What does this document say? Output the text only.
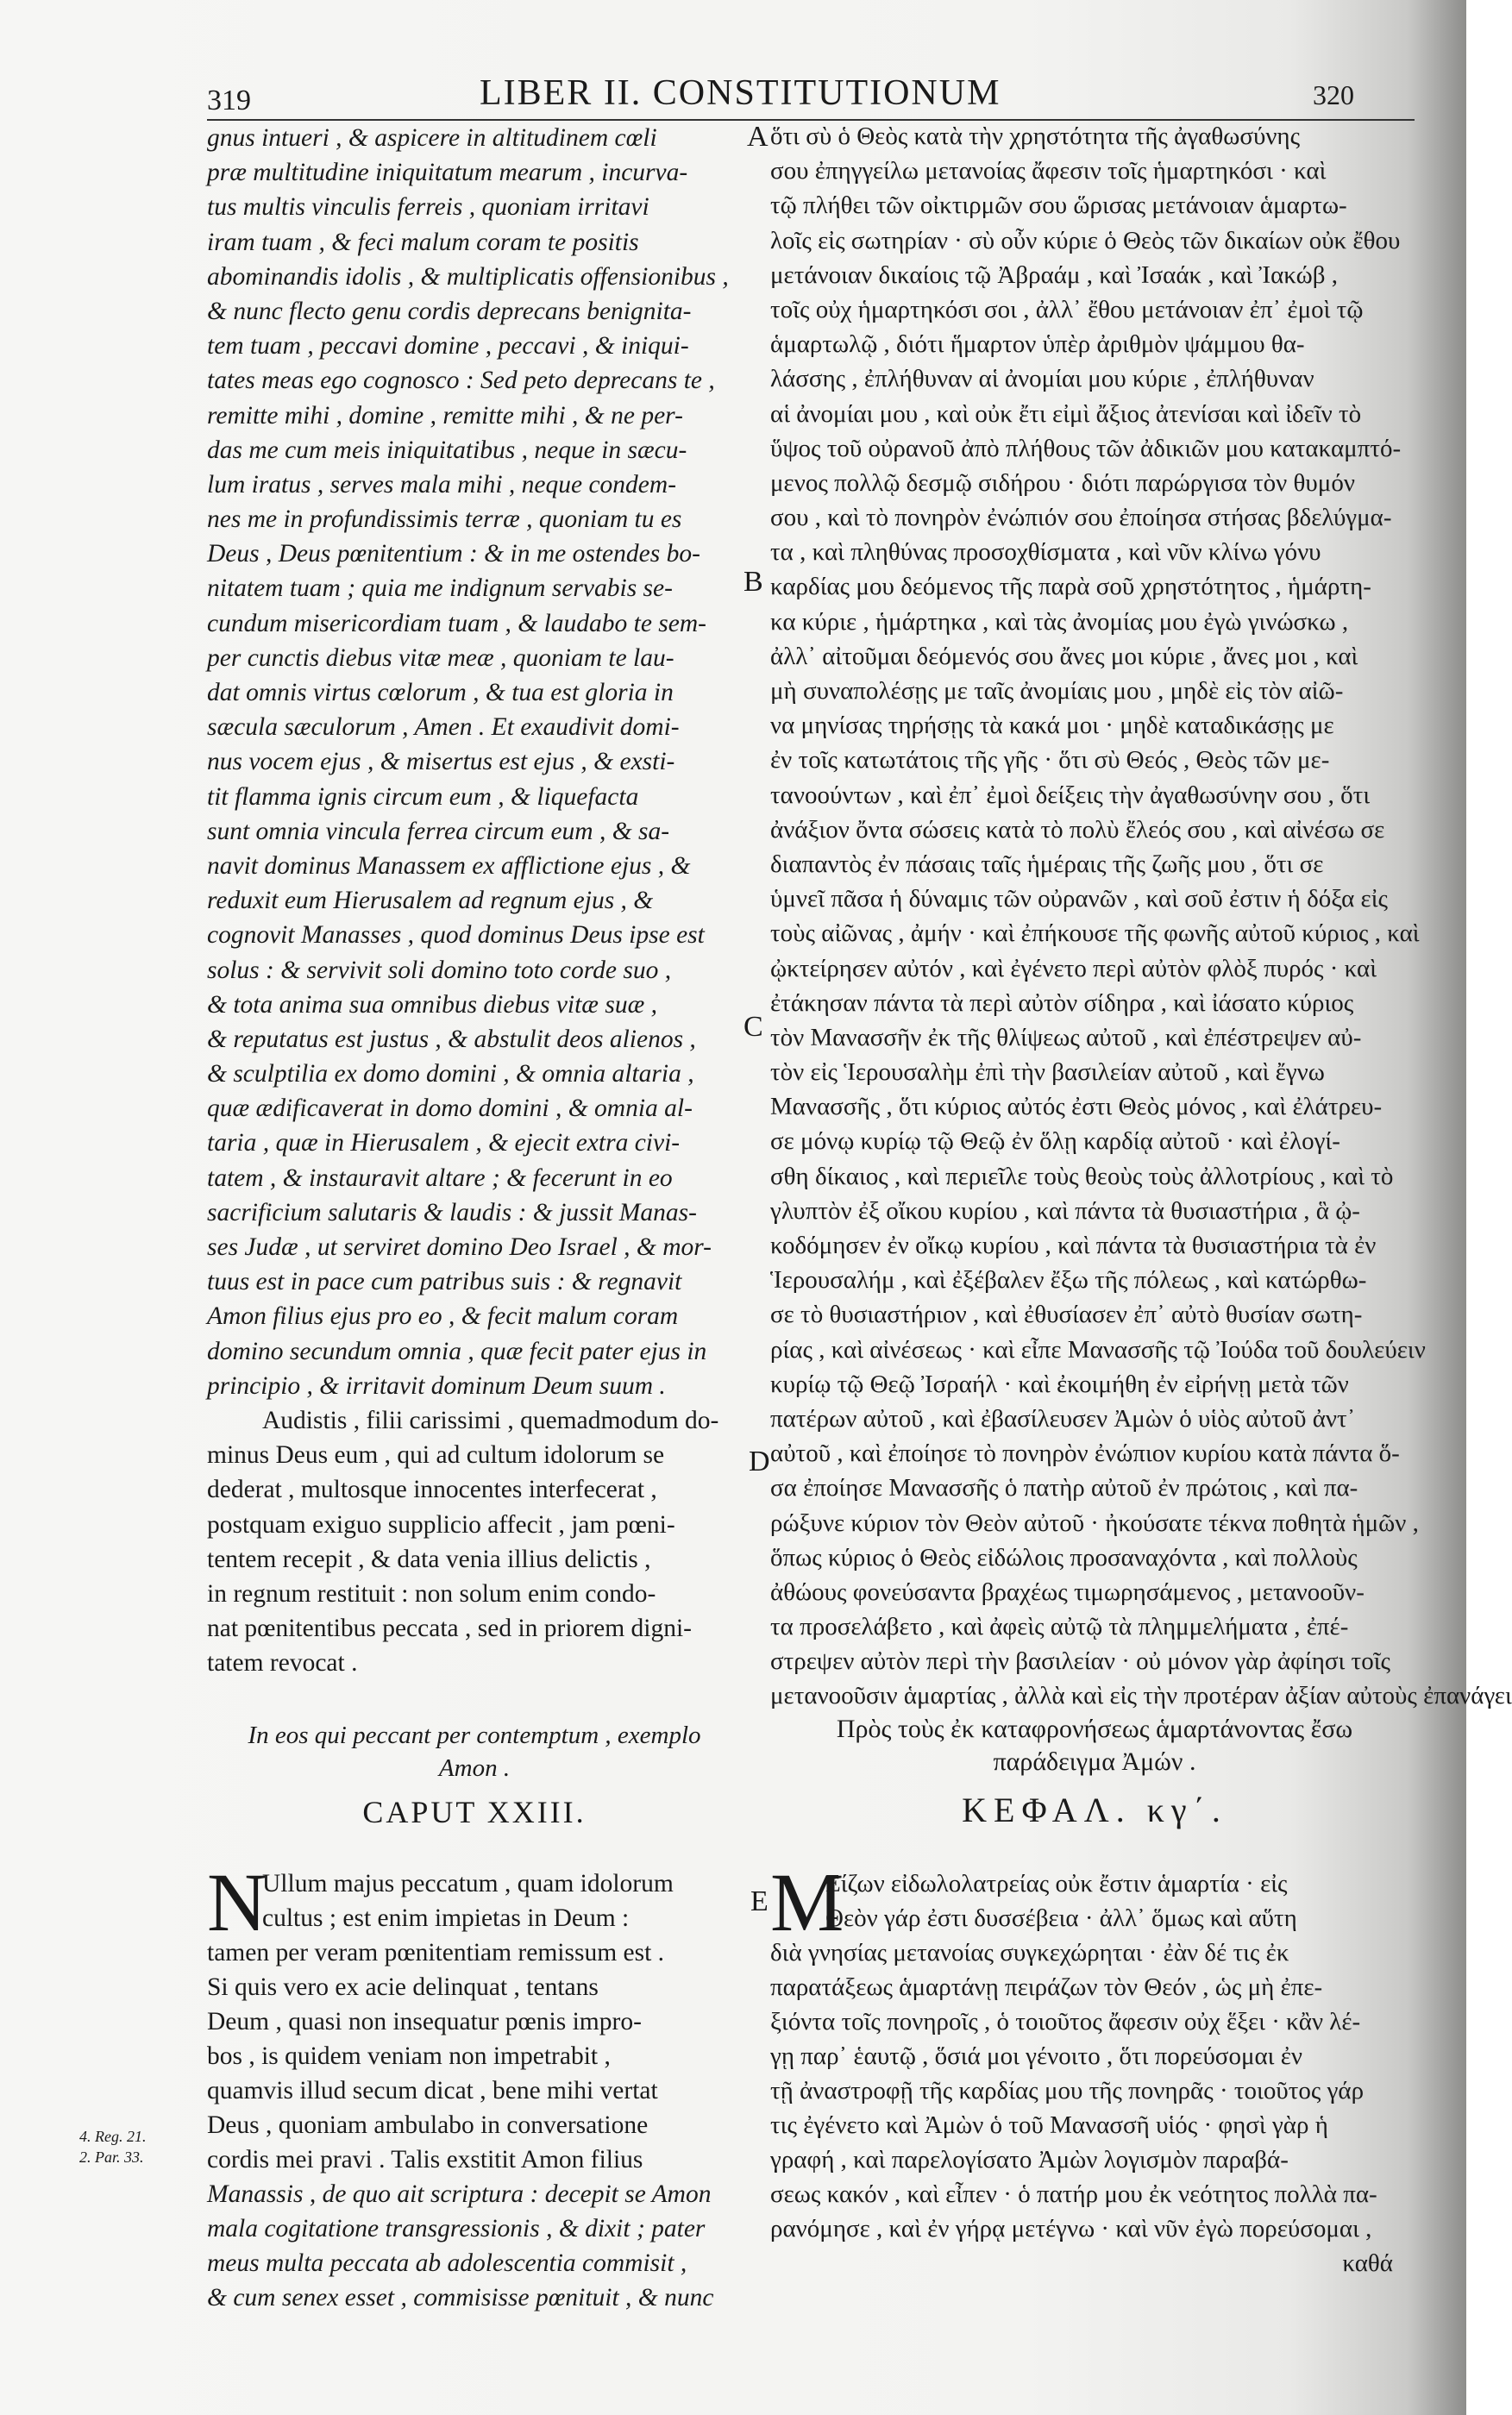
319	LIBER II. CONSTITUTIONUM	320
gnus intueri , & aspicere in altitudinem cœli
præ multitudine iniquitatum mearum , incurva-
tus multis vinculis ferreis , quoniam irritavi
iram tuam , & feci malum coram te positis
abominandis idolis , & multiplicatis offensionibus ,
& nunc flecto genu cordis deprecans benignita-
tem tuam , peccavi domine , peccavi , & iniqui-
tates meas ego cognosco : Sed peto deprecans te ,
remitte mihi , domine , remitte mihi , & ne per-
das me cum meis iniquitatibus , neque in sæcu-
lum iratus , serves mala mihi , neque condem-
nes me in profundissimis terræ , quoniam tu es
Deus , Deus pœnitentium : & in me ostendes bo-
nitatem tuam ; quia me indignum servabis se-
cundum misericordiam tuam , & laudabo te sem-
per cunctis diebus vitæ meæ , quoniam te lau-
dat omnis virtus cœlorum , & tua est gloria in
sæcula sæculorum , Amen . Et exaudivit domi-
nus vocem ejus , & misertus est ejus , & exsti-
tit flamma ignis circum eum , & liquefacta
sunt omnia vincula ferrea circum eum , & sa-
navit dominus Manassem ex afflictione ejus , &
reduxit eum Hierusalem ad regnum ejus , &
cognovit Manasses , quod dominus Deus ipse est
solus : & servivit soli domino toto corde suo ,
& tota anima sua omnibus diebus vitæ suæ ,
& reputatus est justus , & abstulit deos alienos ,
& sculptilia ex domo domini , & omnia altaria ,
quæ ædificaverat in domo domini , & omnia al-
taria , quæ in Hierusalem , & ejecit extra civi-
tatem , & instauravit altare ; & fecerunt in eo
sacrificium salutaris & laudis : & jussit Manas-
ses Judæ , ut serviret domino Deo Israel , & mor-
tuus est in pace cum patribus suis : & regnavit
Amon filius ejus pro eo , & fecit malum coram
domino secundum omnia , quæ fecit pater ejus in
principio , & irritavit dominum Deum suum .
Audistis , filii carissimi , quemadmodum do-
minus Deus eum , qui ad cultum idolorum se
dederat , multosque innocentes interfecerat ,
postquam exiguo supplicio affecit , jam pœni-
tentem recepit , & data venia illius delictis ,
in regnum restituit : non solum enim condo-
nat pœnitentibus peccata , sed in priorem digni-
tatem revocat .
ὅτι σὺ ὁ Θεὸς κατὰ τὴν χρηστότητα τῆς ἀγαθωσύνης
σου ἐπηγγείλω μετανοίας ἄφεσιν τοῖς ἡμαρτηκόσι · καὶ
τῷ πλήθει τῶν οἰκτιρμῶν σου ὥρισας μετάνοιαν ἁμαρτω-
λοῖς εἰς σωτηρίαν · σὺ οὖν κύριε ὁ Θεὸς τῶν δικαίων οὐκ ἔθου
μετάνοιαν δικαίοις τῷ Ἀβραάμ , καὶ Ἰσαάκ , καὶ Ἰακώβ ,
τοῖς οὐχ ἡμαρτηκόσι σοι , ἀλλ᾽ ἔθου μετάνοιαν ἐπ᾽ ἐμοὶ τῷ
ἁμαρτωλῷ , διότι ἥμαρτον ὑπὲρ ἀριθμὸν ψάμμου θα-
λάσσης , ἐπλήθυναν αἱ ἀνομίαι μου κύριε , ἐπλήθυναν
αἱ ἀνομίαι μου , καὶ οὐκ ἔτι εἰμὶ ἄξιος ἀτενίσαι καὶ ἰδεῖν τὸ
ὕψος τοῦ οὐρανοῦ ἀπὸ πλήθους τῶν ἀδικιῶν μου κατακαμπτό-
μενος πολλῷ δεσμῷ σιδήρου · διότι παρώργισα τὸν θυμόν
σου , καὶ τὸ πονηρὸν ἐνώπιόν σου ἐποίησα στήσας βδελύγμα-
τα , καὶ πληθύνας προσοχθίσματα , καὶ νῦν κλίνω γόνυ
καρδίας μου δεόμενος τῆς παρὰ σοῦ χρηστότητος , ἡμάρτη-
κα κύριε , ἡμάρτηκα , καὶ τὰς ἀνομίας μου ἐγὼ γινώσκω ,
ἀλλ᾽ αἰτοῦμαι δεόμενός σου ἄνες μοι κύριε , ἄνες μοι , καὶ
μὴ συναπολέσῃς με ταῖς ἀνομίαις μου , μηδὲ εἰς τὸν αἰῶ-
να μηνίσας τηρήσῃς τὰ κακά μοι · μηδὲ καταδικάσῃς με
ἐν τοῖς κατωτάτοις τῆς γῆς · ὅτι σὺ Θεός , Θεὸς τῶν με-
τανοούντων , καὶ ἐπ᾽ ἐμοὶ δείξεις τὴν ἀγαθωσύνην σου , ὅτι
ἀνάξιον ὄντα σώσεις κατὰ τὸ πολὺ ἔλεός σου , καὶ αἰνέσω σε
διαπαντὸς ἐν πάσαις ταῖς ἡμέραις τῆς ζωῆς μου , ὅτι σε
ὑμνεῖ πᾶσα ἡ δύναμις τῶν οὐρανῶν , καὶ σοῦ ἐστιν ἡ δόξα εἰς
τοὺς αἰῶνας , ἀμήν · καὶ ἐπήκουσε τῆς φωνῆς αὐτοῦ κύριος , καὶ
ᾠκτείρησεν αὐτόν , καὶ ἐγένετο περὶ αὐτὸν φλὸξ πυρός · καὶ
ἐτάκησαν πάντα τὰ περὶ αὐτὸν σίδηρα , καὶ ἰάσατο κύριος
τὸν Μανασσῆν ἐκ τῆς θλίψεως αὐτοῦ , καὶ ἐπέστρεψεν αὐ-
τὸν εἰς Ἱερουσαλὴμ ἐπὶ τὴν βασιλείαν αὐτοῦ , καὶ ἔγνω
Μανασσῆς , ὅτι κύριος αὐτός ἐστι Θεὸς μόνος , καὶ ἐλάτρευ-
σε μόνῳ κυρίῳ τῷ Θεῷ ἐν ὅλῃ καρδίᾳ αὐτοῦ · καὶ ἐλογί-
σθη δίκαιος , καὶ περιεῖλε τοὺς θεοὺς τοὺς ἀλλοτρίους , καὶ τὸ
γλυπτὸν ἐξ οἴκου κυρίου , καὶ πάντα τὰ θυσιαστήρια , ἃ ᾠ-
κοδόμησεν ἐν οἴκῳ κυρίου , καὶ πάντα τὰ θυσιαστήρια τὰ ἐν
Ἱερουσαλήμ , καὶ ἐξέβαλεν ἔξω τῆς πόλεως , καὶ κατώρθω-
σε τὸ θυσιαστήριον , καὶ ἐθυσίασεν ἐπ᾽ αὐτὸ θυσίαν σωτη-
ρίας , καὶ αἰνέσεως · καὶ εἶπε Μανασσῆς τῷ Ἰούδα τοῦ δουλεύειν
κυρίῳ τῷ Θεῷ Ἰσραήλ · καὶ ἐκοιμήθη ἐν εἰρήνῃ μετὰ τῶν
πατέρων αὐτοῦ , καὶ ἐβασίλευσεν Ἀμὼν ὁ υἱὸς αὐτοῦ ἀντ᾽
αὐτοῦ , καὶ ἐποίησε τὸ πονηρὸν ἐνώπιον κυρίου κατὰ πάντα ὅ-
σα ἐποίησε Μανασσῆς ὁ πατὴρ αὐτοῦ ἐν πρώτοις , καὶ πα-
ρώξυνε κύριον τὸν Θεὸν αὐτοῦ · ἠκούσατε τέκνα ποθητὰ ἡμῶν ,
ὅπως κύριος ὁ Θεὸς εἰδώλοις προσαναχόντα , καὶ πολλοὺς
ἀθώους φονεύσαντα βραχέως τιμωρησάμενος , μετανοοῦν-
τα προσελάβετο , καὶ ἀφεὶς αὐτῷ τὰ πλημμελήματα , ἐπέ-
στρεψεν αὐτὸν περὶ τὴν βασιλείαν · οὐ μόνον γὰρ ἀφίησι τοῖς
μετανοοῦσιν ἁμαρτίας , ἀλλὰ καὶ εἰς τὴν προτέραν ἀξίαν αὐτοὺς ἐπανάγει
A
B
C
D
E
In eos qui peccant per contemptum , exemplo
Amon .
Πρὸς τοὺς ἐκ καταφρονήσεως ἁμαρτάνοντας ἔσω
παράδειγμα Ἀμών .
CAPUT XXIII.	ΚΕΦΑΛ. κγ΄.
N
Ullum majus peccatum , quam idolorum
cultus ; est enim impietas in Deum :
tamen per veram pœnitentiam remissum est .
Si quis vero ex acie delinquat , tentans
Deum , quasi non insequatur pœnis impro-
bos , is quidem veniam non impetrabit ,
quamvis illud secum dicat , bene mihi vertat
Deus , quoniam ambulabo in conversatione
cordis mei pravi . Talis exstitit Amon filius
Manassis , de quo ait scriptura : decepit se Amon
mala cogitatione transgressionis , & dixit ; pater
meus multa peccata ab adolescentia commisit ,
& cum senex esset , commisisse pœnituit , & nunc
Μ
Είζων εἰδωλολατρείας οὐκ ἔστιν ἁμαρτία · εἰς
Θεὸν γάρ ἐστι δυσσέβεια · ἀλλ᾽ ὅμως καὶ αὕτη
διὰ γνησίας μετανοίας συγκεχώρηται · ἐὰν δέ τις ἐκ
παρατάξεως ἁμαρτάνῃ πειράζων τὸν Θεόν , ὡς μὴ ἐπε-
ξιόντα τοῖς πονηροῖς , ὁ τοιοῦτος ἄφεσιν οὐχ ἕξει · κἂν λέ-
γῃ παρ᾽ ἑαυτῷ , ὅσιά μοι γένοιτο , ὅτι πορεύσομαι ἐν
τῇ ἀναστροφῇ τῆς καρδίας μου τῆς πονηρᾶς · τοιοῦτος γάρ
τις ἐγένετο καὶ Ἀμὼν ὁ τοῦ Μανασσῆ υἱός · φησὶ γὰρ ἡ
γραφή , καὶ παρελογίσατο Ἀμὼν λογισμὸν παραβά-
σεως κακόν , καὶ εἶπεν · ὁ πατήρ μου ἐκ νεότητος πολλὰ πα-
ρανόμησε , καὶ ἐν γήρᾳ μετέγνω · καὶ νῦν ἐγὼ πορεύσομαι ,
καθά
4. Reg. 21.
2. Par. 33.
